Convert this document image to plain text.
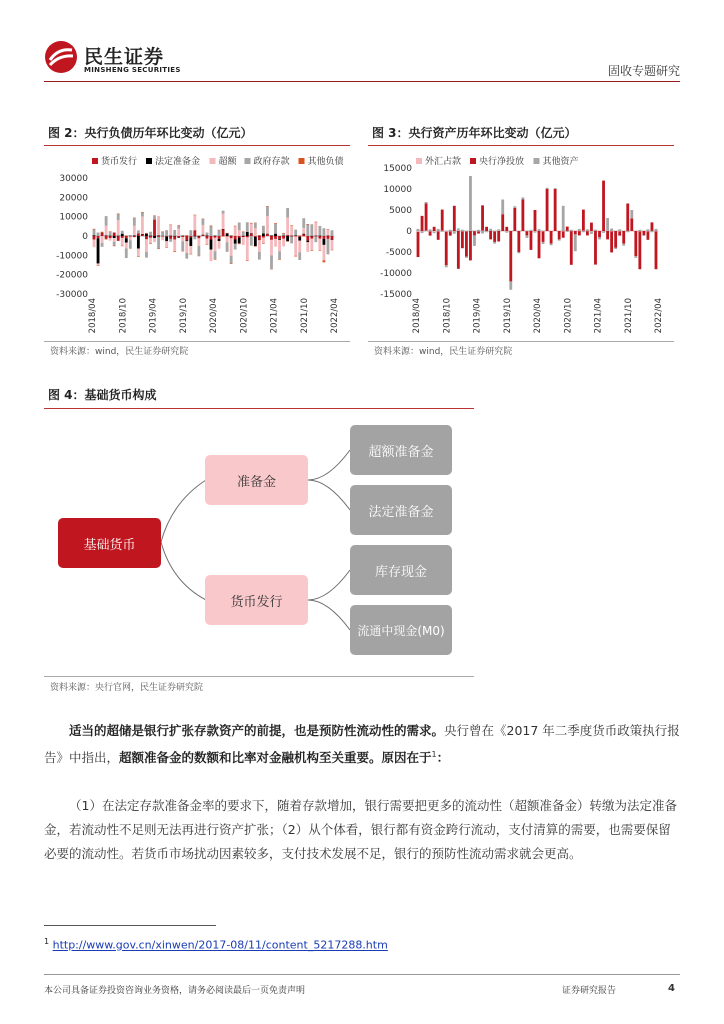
民生证券
MINSHENG SECURITIES	固收专题研究
图 2：央行负债历年环比变动（亿元）
货币发行 法定准备金 超额 政府存款 其他负债
30000
20000
10000
0
-10000
-20000
-30000
2018/04 2018/10 2019/04 2019/10 2020/04 2020/10 2021/04 2021/10 2022/04
资料来源：wind，民生证券研究院
图 3：央行资产历年环比变动（亿元）
外汇占款 央行净投放 其他资产
15000
10000
5000
0
-5000
-10000
-15000
2018/04 2018/10 2019/04 2019/10 2020/04 2020/10 2021/04 2021/10 2022/04
资料来源：wind，民生证券研究院
图 4：基础货币构成
基础货币
准备金
货币发行
超额准备金
法定准备金
库存现金
流通中现金(M0)
资料来源：央行官网，民生证券研究院
适当的超储是银行扩张存款资产的前提，也是预防性流动性的需求。央行曾在《2017 年二季度货币政策执行报告》中指出，超额准备金的数额和比率对金融机构至关重要。原因在于$^1$：
（1）在法定存款准备金率的要求下，随着存款增加，银行需要把更多的流动性（超额准备金）转缴为法定准备金，若流动性不足则无法再进行资产扩张；（2）从个体看，银行都有资金跨行流动，支付清算的需要，也需要保留必要的流动性。若货币市场扰动因素较多，支付技术发展不足，银行的预防性流动需求就会更高。
$^1$ http://www.gov.cn/xinwen/2017-08/11/content_5217288.htm
本公司具备证券投资咨询业务资格，请务必阅读最后一页免责声明	证券研究报告	4
